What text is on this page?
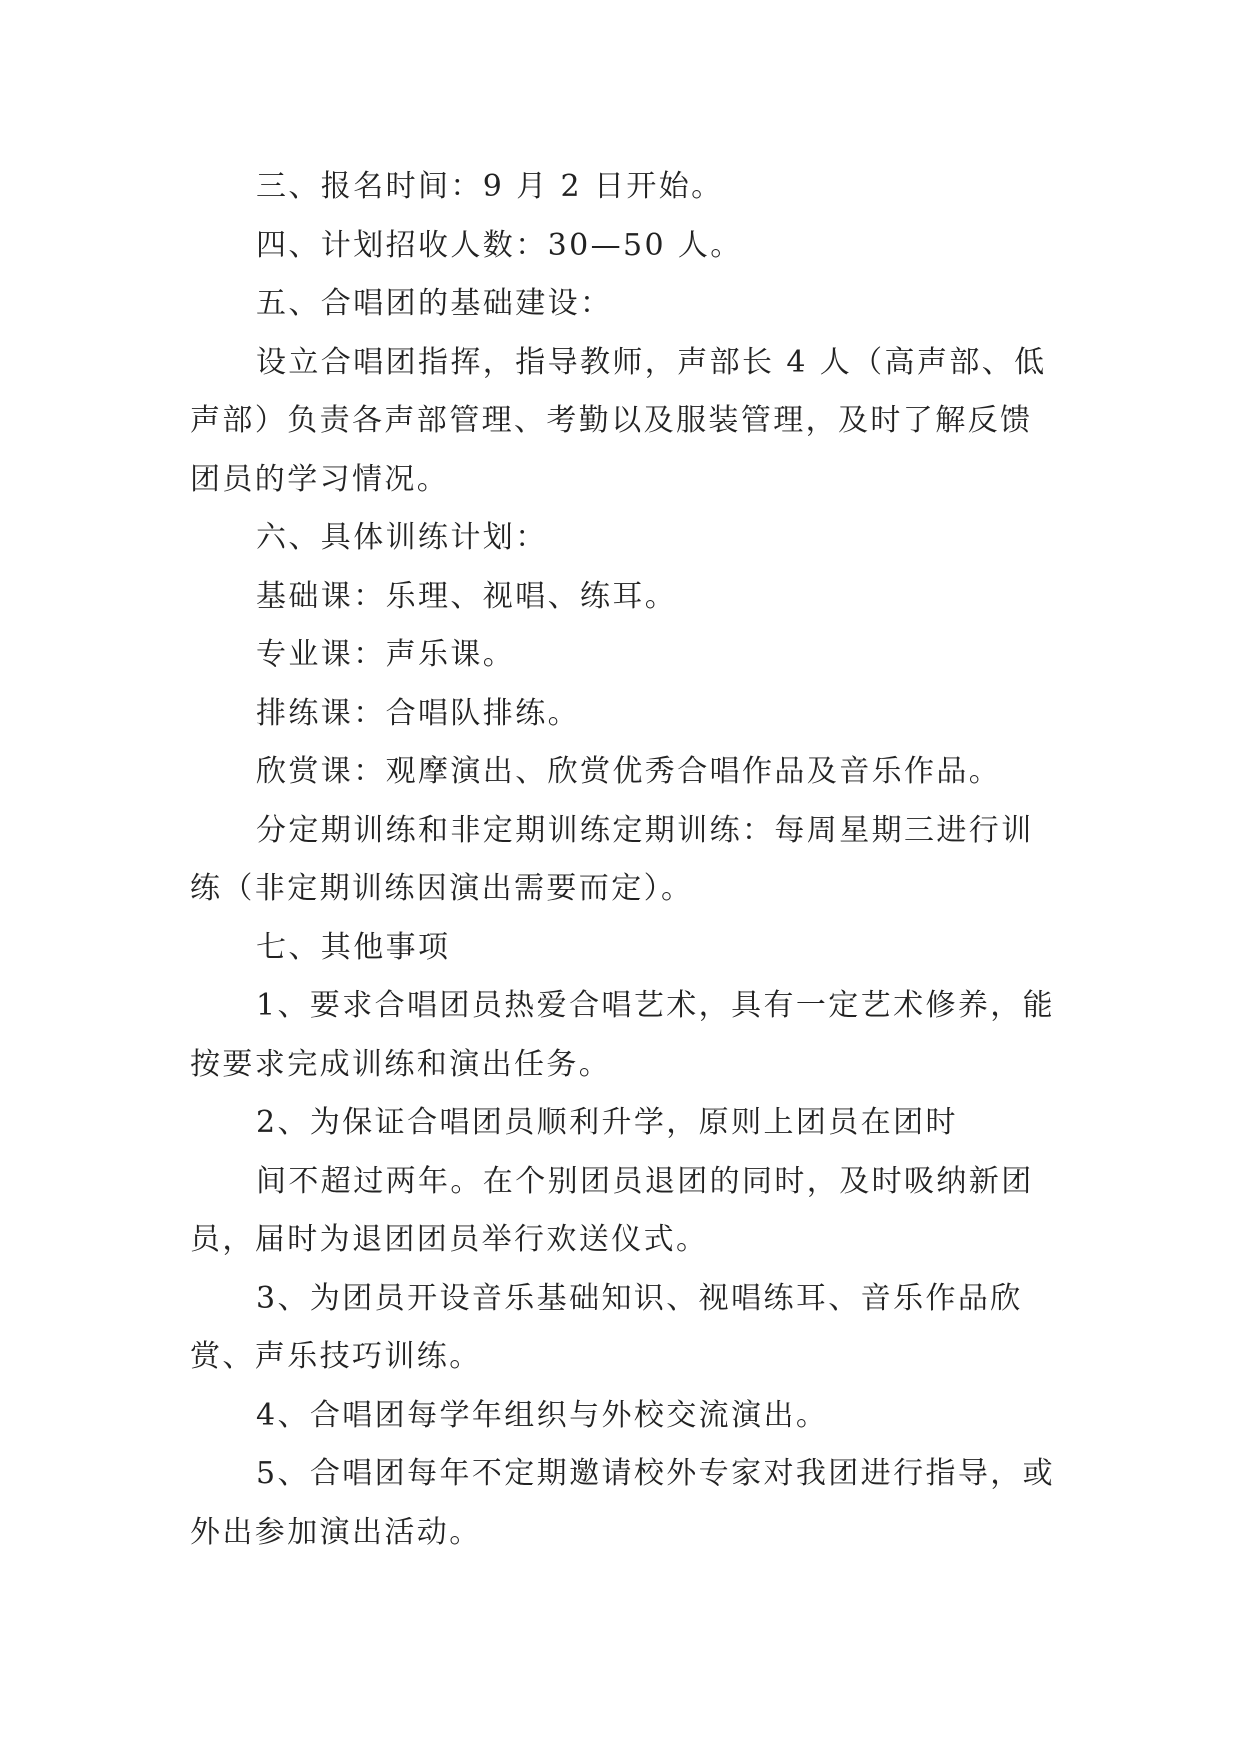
三、报名时间：9 月 2 日开始。

四、计划招收人数：30—50 人。

五、合唱团的基础建设：

设立合唱团指挥，指导教师，声部长 4 人（高声部、低声部）负责各声部管理、考勤以及服装管理，及时了解反馈团员的学习情况。

六、具体训练计划：

基础课：乐理、视唱、练耳。

专业课：声乐课。

排练课：合唱队排练。

欣赏课：观摩演出、欣赏优秀合唱作品及音乐作品。

分定期训练和非定期训练定期训练：每周星期三进行训练（非定期训练因演出需要而定）。

七、其他事项

1、要求合唱团员热爱合唱艺术，具有一定艺术修养，能按要求完成训练和演出任务。

2、为保证合唱团员顺利升学，原则上团员在团时

间不超过两年。在个别团员退团的同时，及时吸纳新团员，届时为退团团员举行欢送仪式。

3、为团员开设音乐基础知识、视唱练耳、音乐作品欣赏、声乐技巧训练。

4、合唱团每学年组织与外校交流演出。

5、合唱团每年不定期邀请校外专家对我团进行指导，或外出参加演出活动。
